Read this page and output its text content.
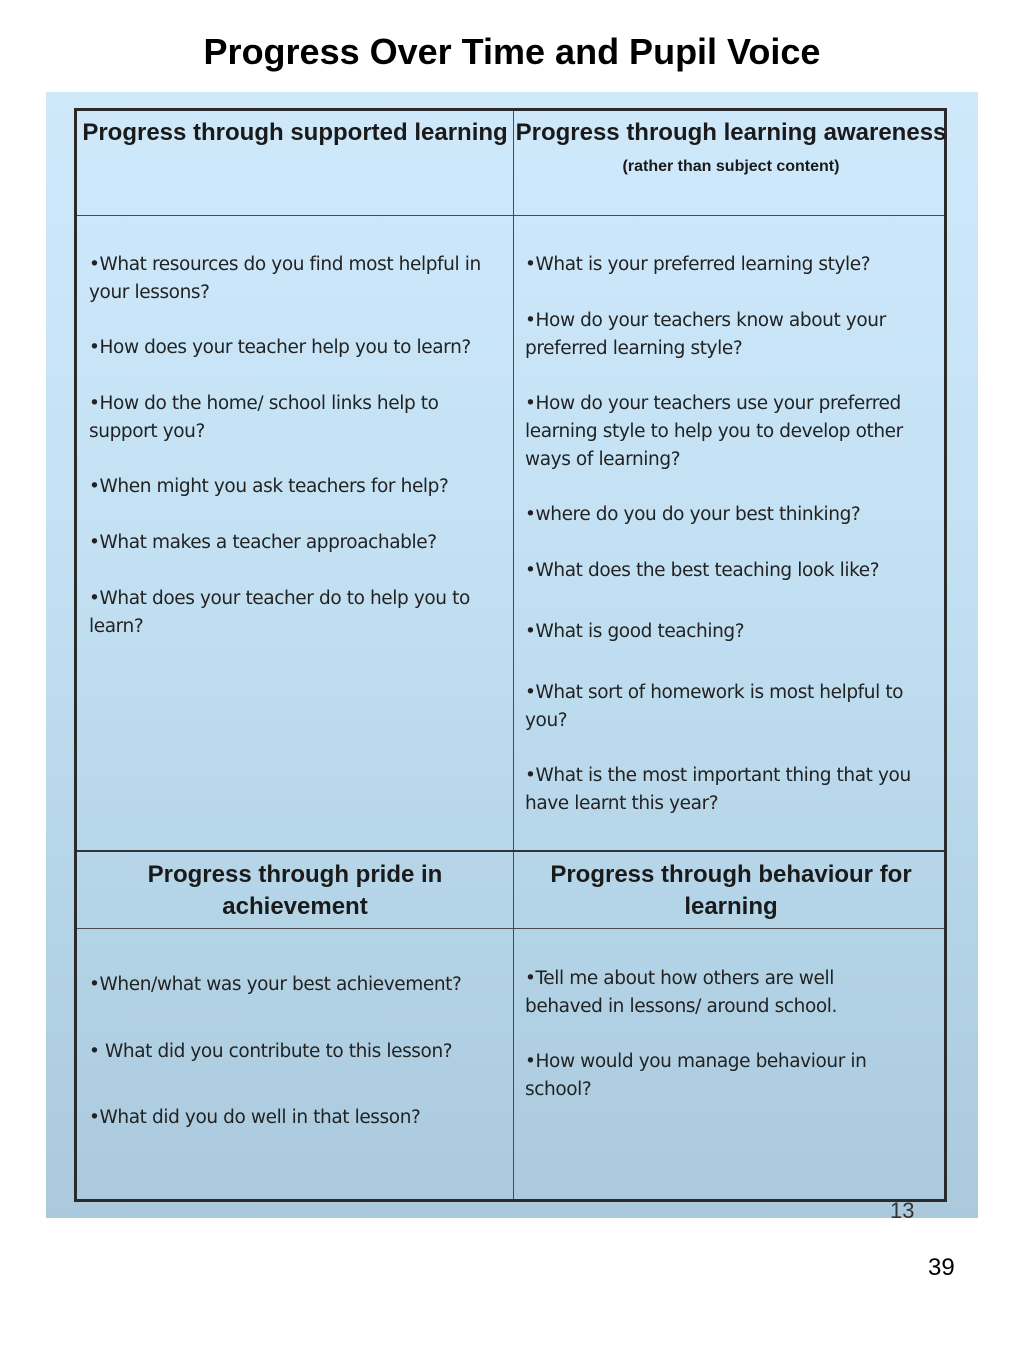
Progress Over Time and Pupil Voice
Progress through supported learning Progress through learning awareness
(rather than subject content)
•What resources do you find most helpful in your lessons?
•How does your teacher help you to learn?
•How do the home/ school links help to support you?
•When might you ask teachers for help?
•What makes a teacher approachable?
•What does your teacher do to help you to learn?
•What is your preferred learning style?
•How do your teachers know about your preferred learning style?
•How do your teachers use your preferred learning style to help you to develop other ways of learning?
•where do you do your best thinking?
•What does the best teaching look like?
•What is good teaching?
•What sort of homework is most helpful to you?
•What is the most important thing that you have learnt this year?
Progress through pride in achievement
Progress through behaviour for learning
•When/what was your best achievement?
• What did you contribute to this lesson?
•What did you do well in that lesson?
•Tell me about how others are well behaved in lessons/ around school.
•How would you manage behaviour in school?
13
39
